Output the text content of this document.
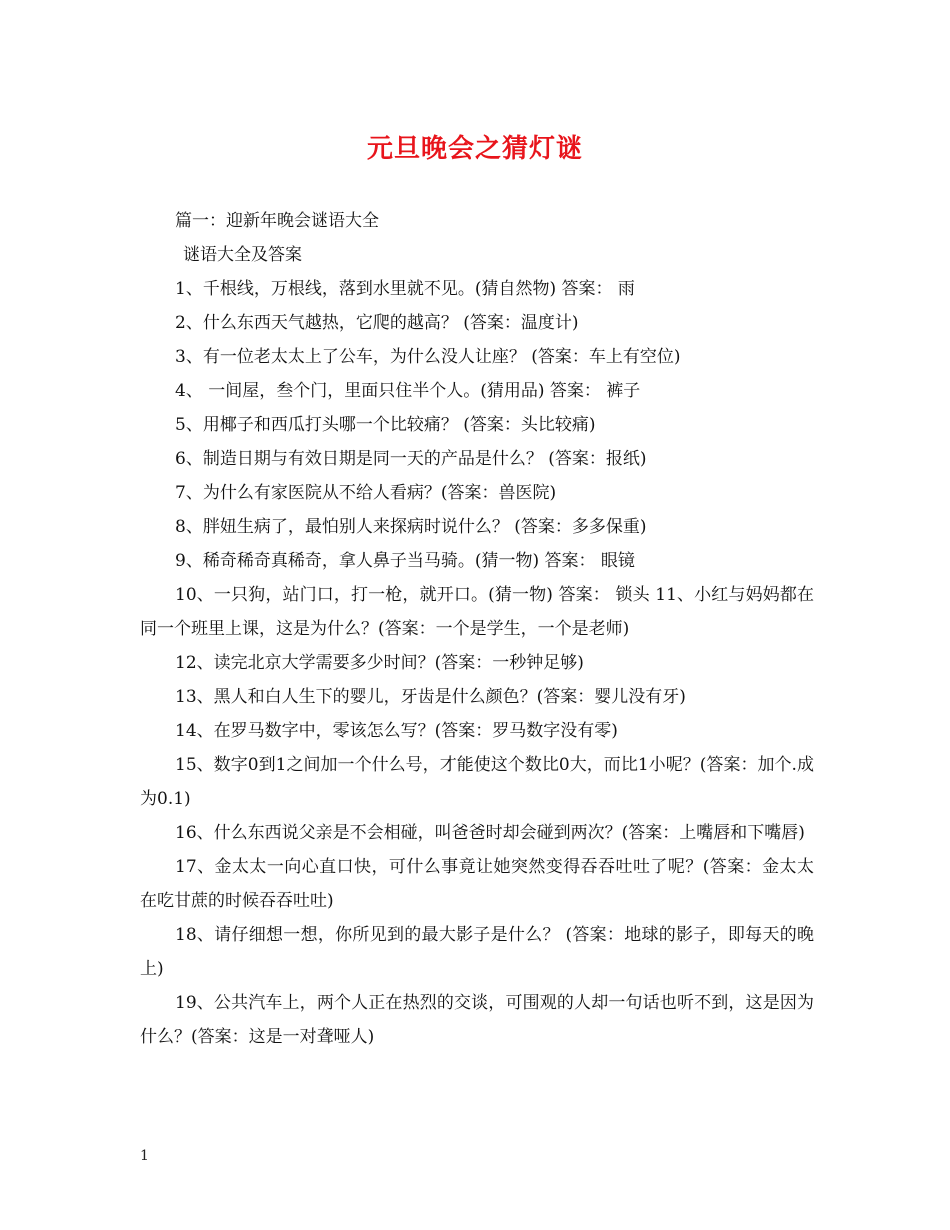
元旦晚会之猜灯谜

篇一：迎新年晚会谜语大全

谜语大全及答案

1、千根线，万根线，落到水里就不见。(猜自然物) 答案： 雨

2、什么东西天气越热，它爬的越高？ (答案：温度计)

3、有一位老太太上了公车，为什么没人让座？ (答案：车上有空位)

4、 一间屋，叁个门，里面只住半个人。(猜用品) 答案： 裤子

5、用椰子和西瓜打头哪一个比较痛？ (答案：头比较痛)

6、制造日期与有效日期是同一天的产品是什么？ (答案：报纸)

7、为什么有家医院从不给人看病？(答案：兽医院)

8、胖妞生病了，最怕别人来探病时说什么？ (答案：多多保重)

9、稀奇稀奇真稀奇，拿人鼻子当马骑。(猜一物) 答案： 眼镜

10、一只狗，站门口，打一枪，就开口。(猜一物) 答案： 锁头 11、小红与妈妈都在同一个班里上课，这是为什么？(答案：一个是学生，一个是老师)

12、读完北京大学需要多少时间？(答案：一秒钟足够)

13、黑人和白人生下的婴儿，牙齿是什么颜色？(答案：婴儿没有牙)

14、在罗马数字中，零该怎么写？(答案：罗马数字没有零)

15、数字0到1之间加一个什么号，才能使这个数比0大，而比1小呢？(答案：加个.成为0.1)

16、什么东西说父亲是不会相碰，叫爸爸时却会碰到两次？(答案：上嘴唇和下嘴唇)

17、金太太一向心直口快，可什么事竟让她突然变得吞吞吐吐了呢？(答案：金太太在吃甘蔗的时候吞吞吐吐)

18、请仔细想一想，你所见到的最大影子是什么？ (答案：地球的影子，即每天的晚上)

19、公共汽车上，两个人正在热烈的交谈，可围观的人却一句话也听不到，这是因为什么？(答案：这是一对聋哑人)

1
